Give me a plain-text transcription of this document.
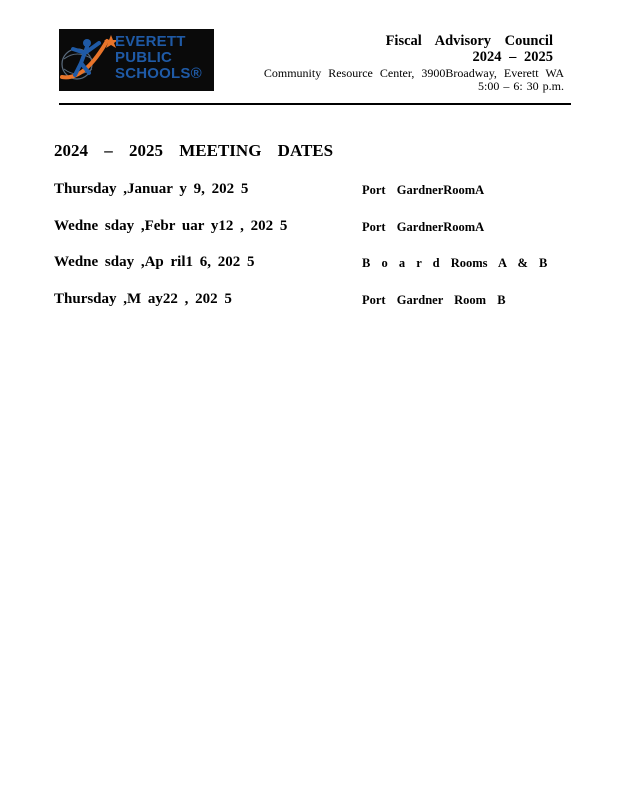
EVERETT
PUBLIC
SCHOOLS®
Fiscal Advisory Council
2024 – 2025
Community Resource Center, 3900Broadway, Everett WA
5:00 – 6: 30 p.m.
2024 – 2025 MEETING DATES
Thursday ,Januar y 9, 202 5	Port GardnerRoomA
Wedne sday ,Febr uar y12 , 202 5	Port GardnerRoomA
Wedne sday ,Ap ril1 6, 202 5	B o a r d Rooms A & B
Thursday ,M ay22 , 202 5	Port Gardner Room B
